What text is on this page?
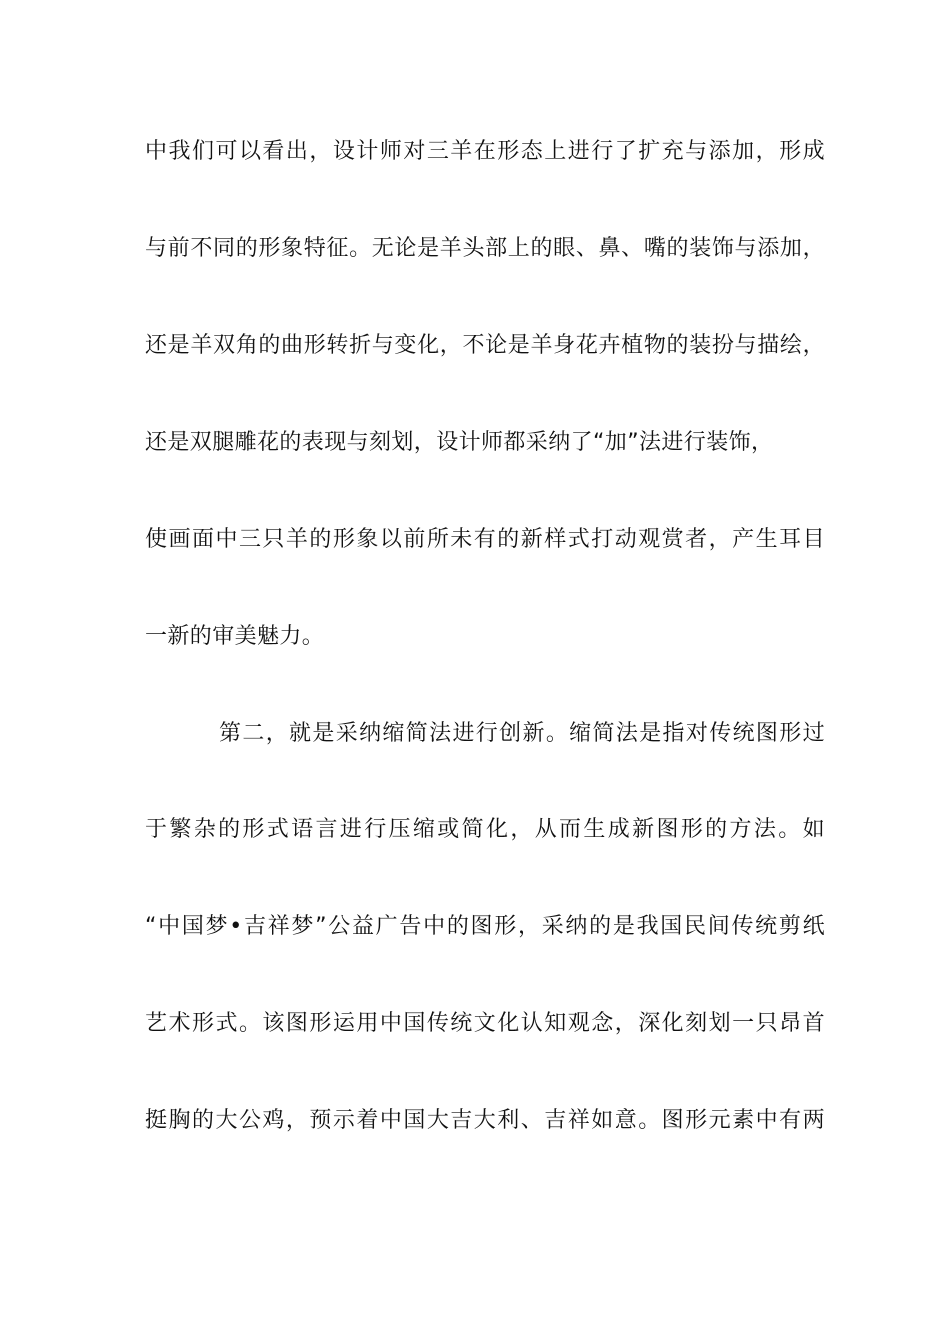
中我们可以看出，设计师对三羊在形态上进行了扩充与添加，形成
与前不同的形象特征。无论是羊头部上的眼、鼻、嘴的装饰与添加，
还是羊双角的曲形转折与变化，不论是羊身花卉植物的装扮与描绘，
还是双腿雕花的表现与刻划，设计师都采纳了“加”法进行装饰，
使画面中三只羊的形象以前所未有的新样式打动观赏者，产生耳目
一新的审美魅力。
第二，就是采纳缩简法进行创新。缩简法是指对传统图形过
于繁杂的形式语言进行压缩或简化，从而生成新图形的方法。如
“中国梦•吉祥梦”公益广告中的图形，采纳的是我国民间传统剪纸
艺术形式。该图形运用中国传统文化认知观念，深化刻划一只昂首
挺胸的大公鸡，预示着中国大吉大利、吉祥如意。图形元素中有两
